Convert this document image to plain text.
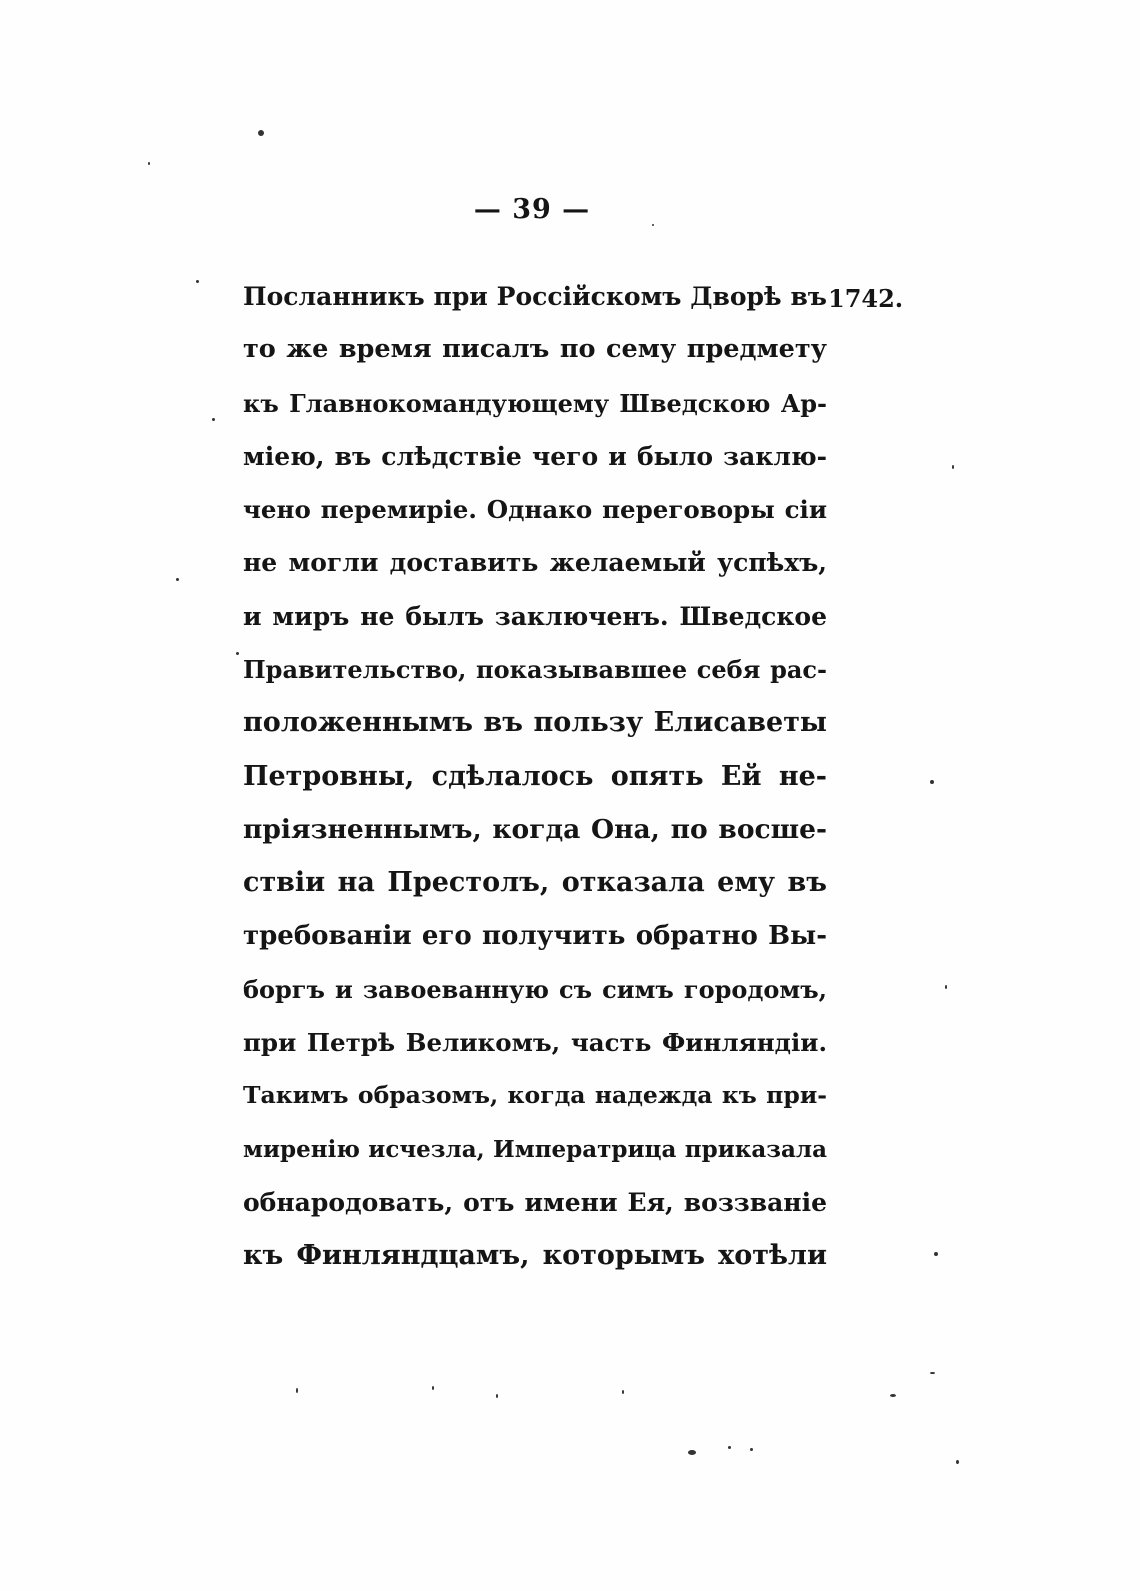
— 39 —
1742.
Посланникъ при Россійскомъ Дворѣ въ
то же время писалъ по сему предмету
къ Главнокомандующему Шведскою Ар-
міею, въ слѣдствіе чего и было заклю-
чено перемиріе. Однако переговоры сіи
не могли доставить желаемый успѣхъ,
и миръ не былъ заключенъ. Шведское
Правительство, показывавшее себя рас-
положеннымъ въ пользу Елисаветы
Петровны, сдѣлалось опять Ей не-
пріязненнымъ, когда Она, по восше-
ствіи на Престолъ, отказала ему въ
требованіи его получить обратно Вы-
боргъ и завоеванную съ симъ городомъ,
при Петрѣ Великомъ, часть Финляндіи.
Такимъ образомъ, когда надежда къ при-
миренію исчезла, Императрица приказала
обнародовать, отъ имени Ея, воззваніе
къ Финляндцамъ, которымъ хотѣли
